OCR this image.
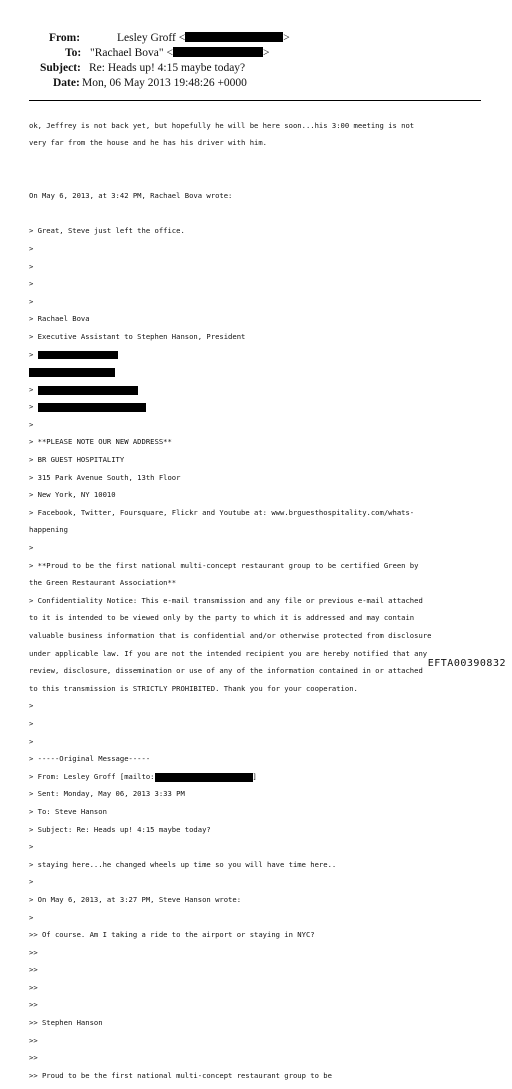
From:	Lesley Groff <	>
To: "Rachael Bova" <	>
Subject: Re: Heads up! 4:15 maybe today?
Date: Mon, 06 May 2013 19:48:26 +0000

ok, Jeffrey is not back yet, but hopefully he will be here soon...his 3:00 meeting is not

very far from the house and he has his driver with him.

On May 6, 2013, at 3:42 PM, Rachael Bova wrote:

> Great, Steve just left the office.

>

>

>

>

> Rachael Bova

> Executive Assistant to Stephen Hanson, President

>

>

>

>

> **PLEASE NOTE OUR NEW ADDRESS**

> BR GUEST HOSPITALITY

> 315 Park Avenue South, 13th Floor

> New York, NY 10010

> Facebook, Twitter, Foursquare, Flickr and Youtube at: www.brguesthospitality.com/whats-

happening

>

> **Proud to be the first national multi-concept restaurant group to be certified Green by

the Green Restaurant Association**

> Confidentiality Notice: This e-mail transmission and any file or previous e-mail attached

to it is intended to be viewed only by the party to which it is addressed and may contain

valuable business information that is confidential and/or otherwise protected from disclosure

under applicable law. If you are not the intended recipient you are hereby notified that any

review, disclosure, dissemination or use of any of the information contained in or attached

to this transmission is STRICTLY PROHIBITED. Thank you for your cooperation.

>

>

>

> -----Original Message-----

> From: Lesley Groff [mailto:	]

> Sent: Monday, May 06, 2013 3:33 PM

> To: Steve Hanson

> Subject: Re: Heads up! 4:15 maybe today?

>

> staying here...he changed wheels up time so you will have time here..

>

> On May 6, 2013, at 3:27 PM, Steve Hanson wrote:

>

>> Of course. Am I taking a ride to the airport or staying in NYC?

>>

>>

>>

>>

>> Stephen Hanson

>>

>>

>> Proud to be the first national multi-concept restaurant group to be

EFTA00390832
